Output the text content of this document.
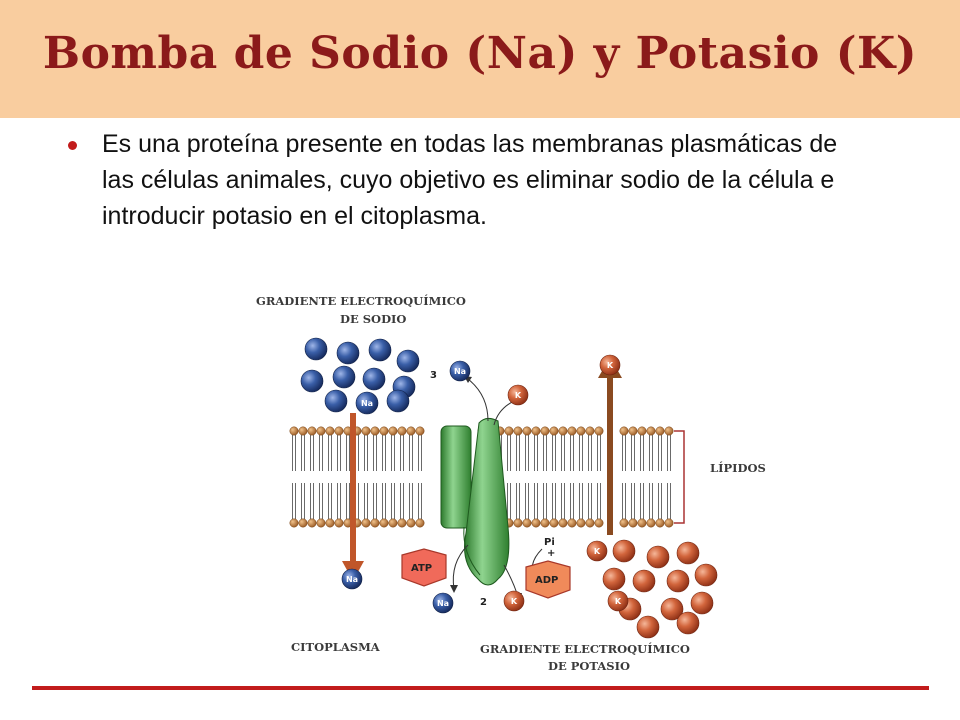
Bomba de Sodio (Na) y Potasio (K)
Es una proteína presente en todas las membranas plasmáticas de las células animales, cuyo objetivo es eliminar sodio de la célula e introducir potasio en el citoplasma.
GRADIENTE ELECTROQUÍMICO
DE SODIO
LÍPIDOS
CITOPLASMA	GRADIENTE ELECTROQUÍMICO
DE POTASIO
ATP
ADP
Pi
+
3
2
Na
Na
K
K
Na
Na	K
K
K
